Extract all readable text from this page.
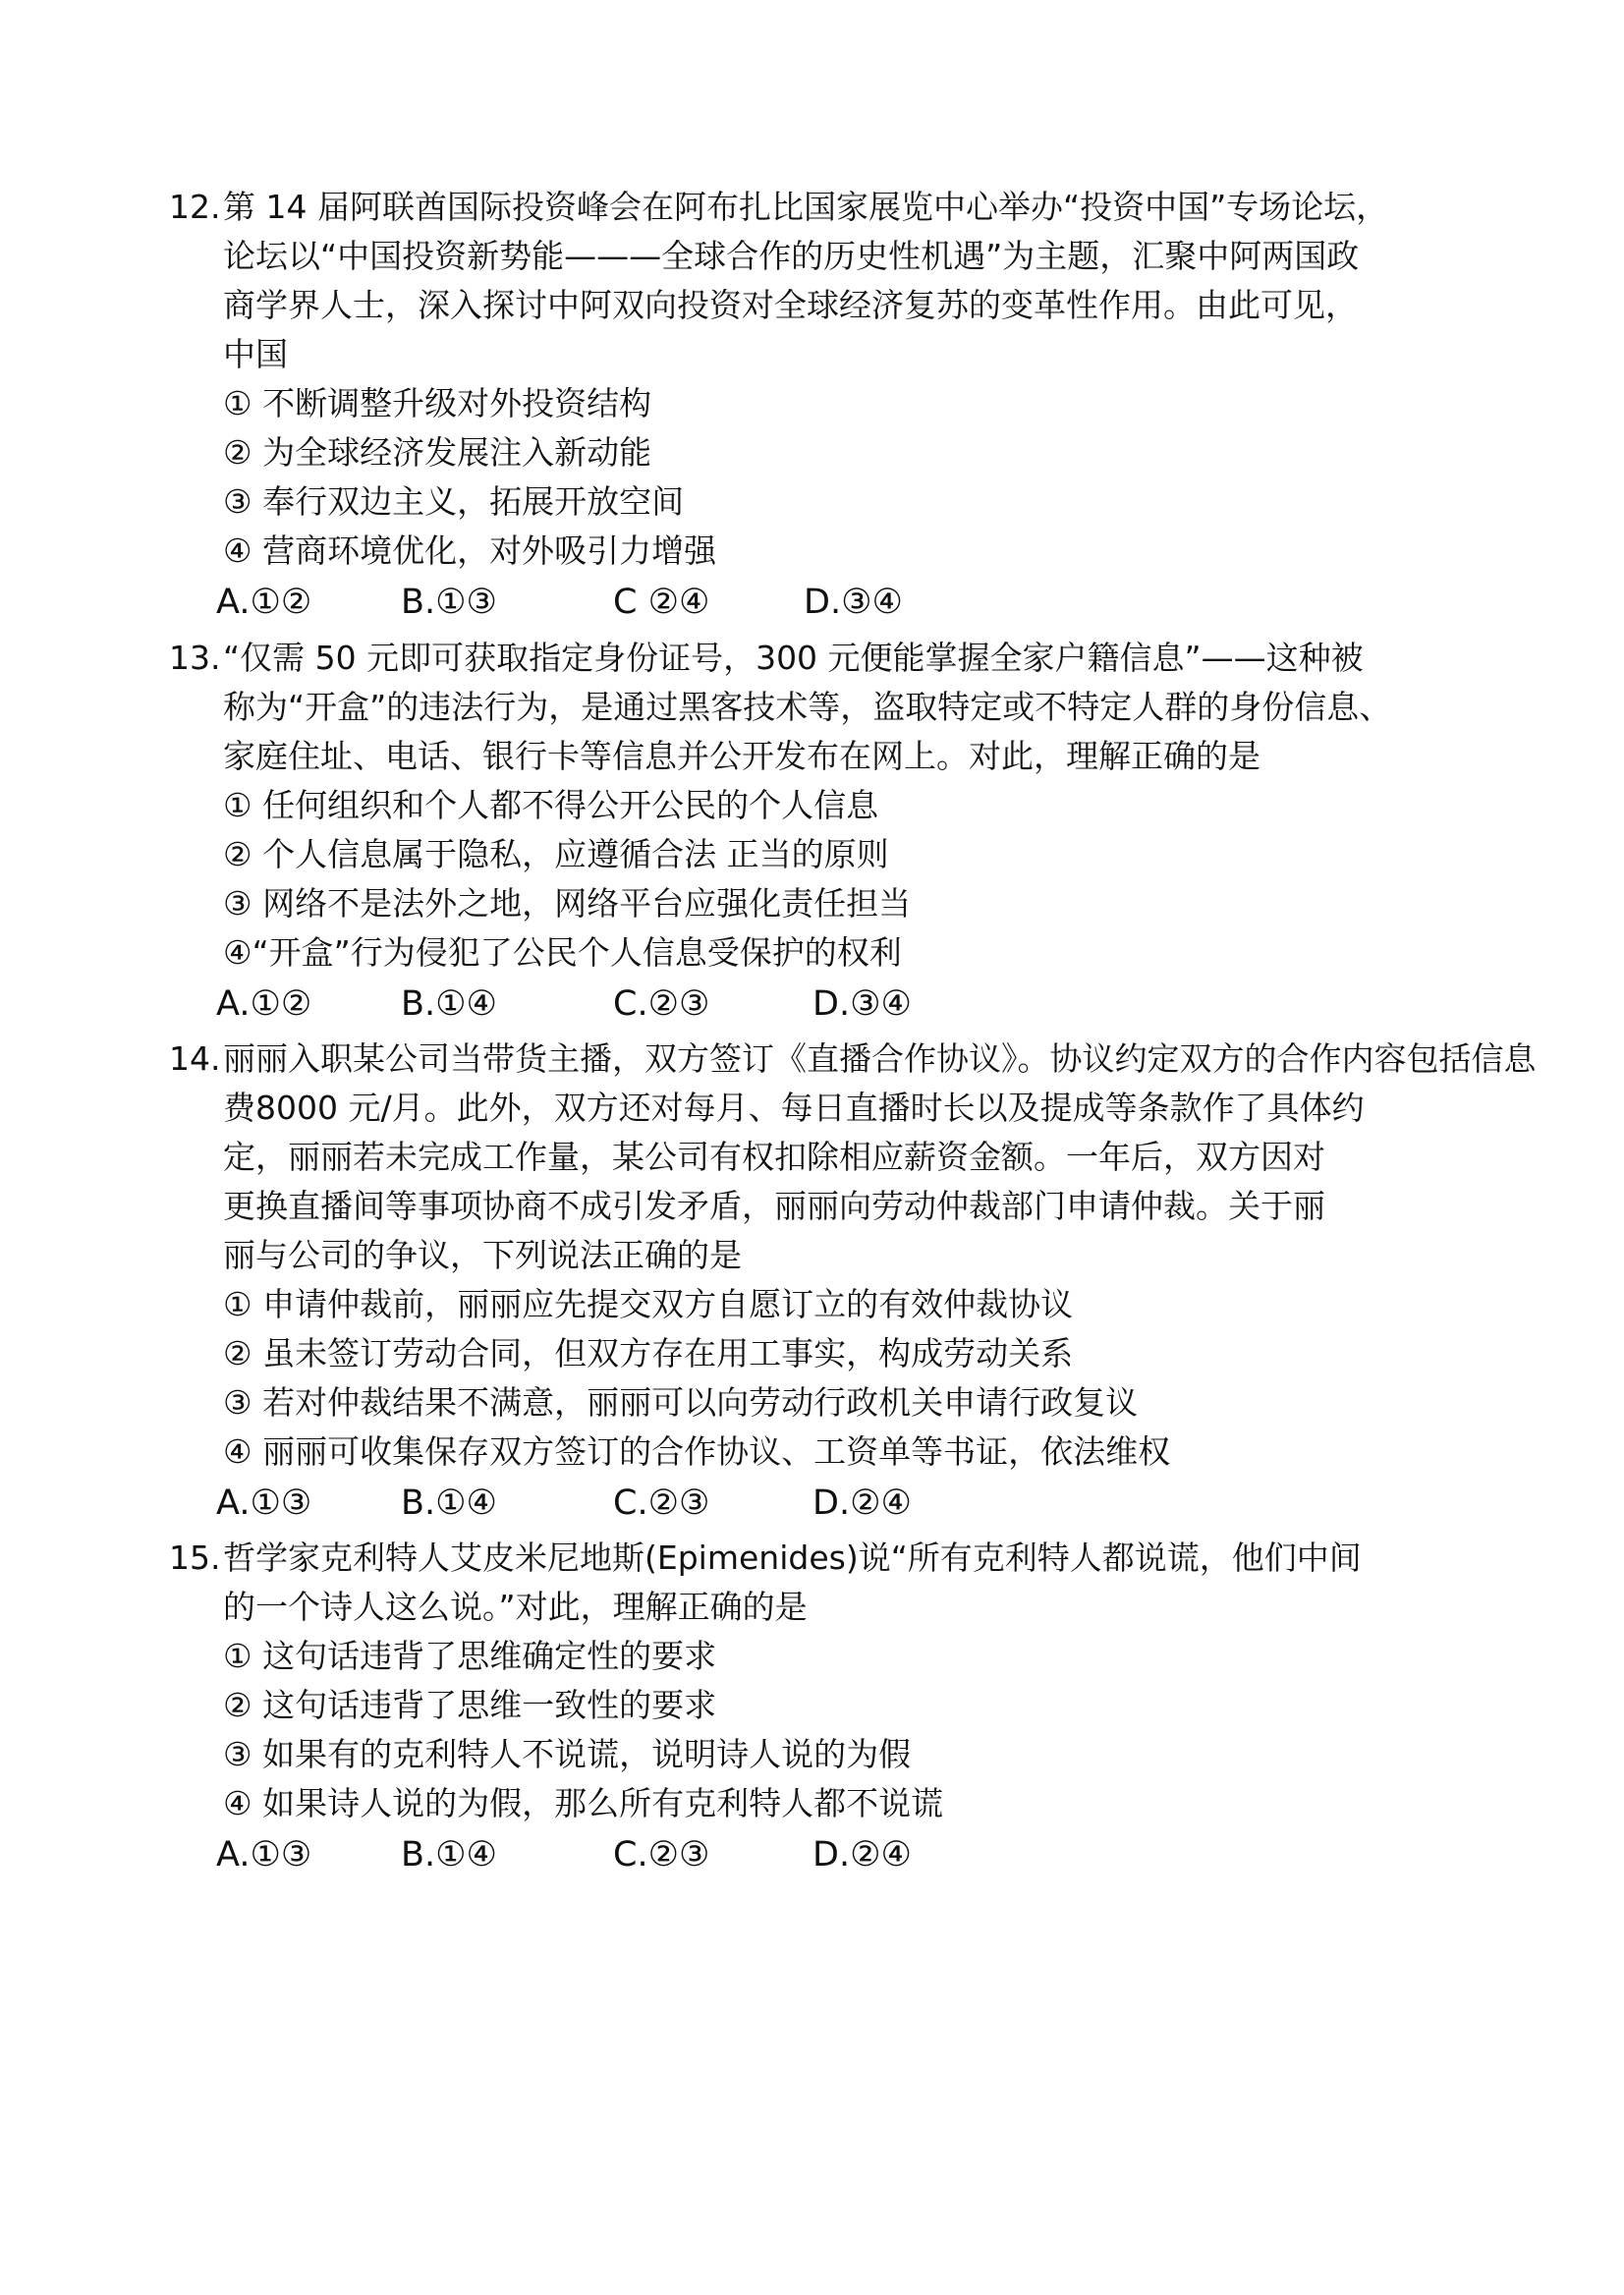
12.第 14 届阿联酋国际投资峰会在阿布扎比国家展览中心举办“投资中国”专场论坛，
论坛以“中国投资新势能———全球合作的历史性机遇”为主题，汇聚中阿两国政
商学界人士，深入探讨中阿双向投资对全球经济复苏的变革性作用。由此可见，
中国
① 不断调整升级对外投资结构
② 为全球经济发展注入新动能
③ 奉行双边主义，拓展开放空间
④ 营商环境优化，对外吸引力增强
A.①②	B.①③	C ②④	D.③④
13.“仅需 50 元即可获取指定身份证号，300 元便能掌握全家户籍信息”——这种被
称为“开盒”的违法行为，是通过黑客技术等，盗取特定或不特定人群的身份信息、
家庭住址、电话、银行卡等信息并公开发布在网上。对此，理解正确的是
① 任何组织和个人都不得公开公民的个人信息
② 个人信息属于隐私，应遵循合法 正当的原则
③ 网络不是法外之地，网络平台应强化责任担当
④“开盒”行为侵犯了公民个人信息受保护的权利
A.①②	B.①④	C.②③	D.③④
14.丽丽入职某公司当带货主播，双方签订《直播合作协议》。协议约定双方的合作内容包括信息
费8000 元/月。此外，双方还对每月、每日直播时长以及提成等条款作了具体约
定，丽丽若未完成工作量，某公司有权扣除相应薪资金额。一年后，双方因对
更换直播间等事项协商不成引发矛盾，丽丽向劳动仲裁部门申请仲裁。关于丽
丽与公司的争议，下列说法正确的是
① 申请仲裁前，丽丽应先提交双方自愿订立的有效仲裁协议
② 虽未签订劳动合同，但双方存在用工事实，构成劳动关系
③ 若对仲裁结果不满意，丽丽可以向劳动行政机关申请行政复议
④ 丽丽可收集保存双方签订的合作协议、工资单等书证，依法维权
A.①③	B.①④	C.②③	D.②④
15.哲学家克利特人艾皮米尼地斯(Epimenides)说“所有克利特人都说谎，他们中间
的一个诗人这么说。”对此，理解正确的是
① 这句话违背了思维确定性的要求
② 这句话违背了思维一致性的要求
③ 如果有的克利特人不说谎，说明诗人说的为假
④ 如果诗人说的为假，那么所有克利特人都不说谎
A.①③	B.①④	C.②③	D.②④
